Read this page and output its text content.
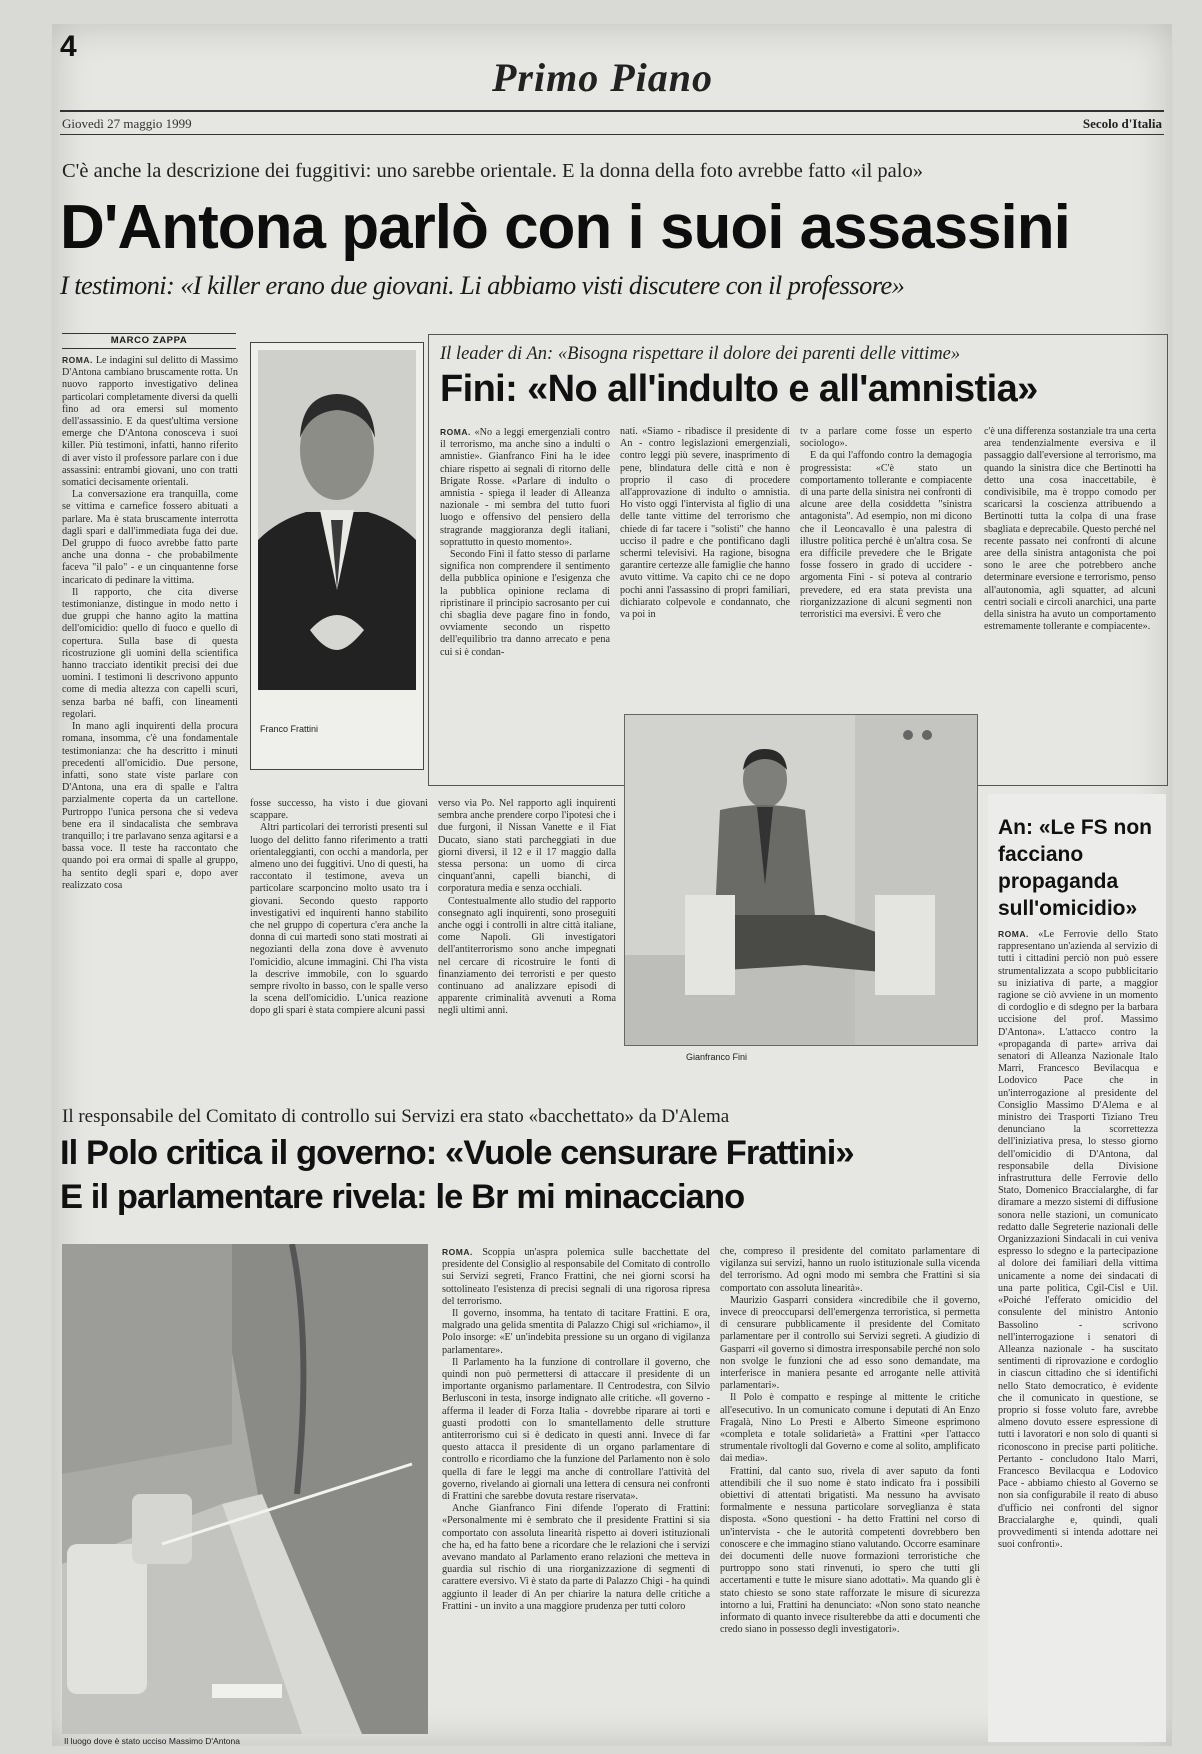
4
Primo Piano
Giovedì 27 maggio 1999	Secolo d'Italia
C'è anche la descrizione dei fuggitivi: uno sarebbe orientale. E la donna della foto avrebbe fatto «il palo»
D'Antona parlò con i suoi assassini
I testimoni: «I killer erano due giovani. Li abbiamo visti discutere con il professore»
MARCO ZAPPA

ROMA. Le indagini sul delitto di Massimo D'Antona cambiano bruscamente rotta. Un nuovo rapporto investigativo delinea particolari completamente diversi da quelli fino ad ora emersi sul momento dell'assassinio. E da quest'ultima versione emerge che D'Antona conosceva i suoi killer. Più testimoni, infatti, hanno riferito di aver visto il professore parlare con i due assassini: entrambi giovani, uno con tratti somatici decisamente orientali.

La conversazione era tranquilla, come se vittima e carnefice fossero abituati a parlare. Ma è stata bruscamente interrotta dagli spari e dall'immediata fuga dei due. Del gruppo di fuoco avrebbe fatto parte anche una donna - che probabilmente faceva "il palo" - e un cinquantenne forse incaricato di pedinare la vittima.

Il rapporto, che cita diverse testimonianze, distingue in modo netto i due gruppi che hanno agito la mattina dell'omicidio: quello di fuoco e quello di copertura. Sulla base di questa ricostruzione gli uomini della scientifica hanno tracciato identikit precisi dei due uomini. I testimoni li descrivono appunto come di media altezza con capelli scuri, senza barba né baffi, con lineamenti regolari.

In mano agli inquirenti della procura romana, insomma, c'è una fondamentale testimonianza: che ha descritto i minuti precedenti all'omicidio. Due persone, infatti, sono state viste parlare con D'Antona, una era di spalle e l'altra parzialmente coperta da un cartellone. Purtroppo l'unica persona che si vedeva bene era il sindacalista che sembrava tranquillo; i tre parlavano senza agitarsi e a bassa voce. Il teste ha raccontato che quando poi era ormai di spalle al gruppo, ha sentito degli spari e, dopo aver realizzato cosa

Franco Frattini

fosse successo, ha visto i due giovani scappare.

Altri particolari dei terroristi presenti sul luogo del delitto fanno riferimento a tratti orientaleggianti, con occhi a mandorla, per almeno uno dei fuggitivi. Uno di questi, ha raccontato il testimone, aveva un particolare scarponcino molto usato tra i giovani. Secondo questo rapporto investigativi ed inquirenti hanno stabilito che nel gruppo di copertura c'era anche la donna di cui martedì sono stati mostrati ai negozianti della zona dove è avvenuto l'omicidio, alcune immagini. Chi l'ha vista la descrive immobile, con lo sguardo sempre rivolto in basso, con le spalle verso la scena dell'omicidio. L'unica reazione dopo gli spari è stata compiere alcuni passi

verso via Po. Nel rapporto agli inquirenti sembra anche prendere corpo l'ipotesi che i due furgoni, il Nissan Vanette e il Fiat Ducato, siano stati parcheggiati in due giorni diversi, il 12 e il 17 maggio dalla stessa persona: un uomo di circa cinquant'anni, capelli bianchi, di corporatura media e senza occhiali.

Contestualmente allo studio del rapporto consegnato agli inquirenti, sono proseguiti anche oggi i controlli in altre città italiane, come Napoli. Gli investigatori dell'antiterrorismo sono anche impegnati nel cercare di ricostruire le fonti di finanziamento dei terroristi e per questo continuano ad analizzare episodi di apparente criminalità avvenuti a Roma negli ultimi anni.

Il leader di An: «Bisogna rispettare il dolore dei parenti delle vittime»
Fini: «No all'indulto e all'amnistia»

ROMA. «No a leggi emergenziali contro il terrorismo, ma anche sino a indulti o amnistie». Gianfranco Fini ha le idee chiare rispetto ai segnali di ritorno delle Brigate Rosse. «Parlare di indulto o amnistia - spiega il leader di Alleanza nazionale - mi sembra del tutto fuori luogo e offensivo del pensiero della stragrande maggioranza degli italiani, soprattutto in questo momento».

Secondo Fini il fatto stesso di parlarne significa non comprendere il sentimento della pubblica opinione e l'esigenza che la pubblica opinione reclama di ripristinare il principio sacrosanto per cui chi sbaglia deve pagare fino in fondo, ovviamente secondo un rispetto dell'equilibrio tra danno arrecato e pena cui si è condan-

nati. «Siamo - ribadisce il presidente di An - contro legislazioni emergenziali, contro leggi più severe, inasprimento di pene, blindatura delle città e non è proprio il caso di procedere all'approvazione di indulto o amnistia. Ho visto oggi l'intervista al figlio di una delle tante vittime del terrorismo che chiede di far tacere i "solisti" che hanno ucciso il padre e che pontificano dagli schermi televisivi. Ha ragione, bisogna garantire certezze alle famiglie che hanno avuto vittime. Va capito chi ce ne dopo pochi anni l'assassino di propri familiari, dichiarato colpevole e condannato, che va poi in

tv a parlare come fosse un esperto sociologo».

E da qui l'affondo contro la demagogia progressista: «C'è stato un comportamento tollerante e compiacente di una parte della sinistra nei confronti di alcune aree della cosiddetta "sinistra antagonista". Ad esempio, non mi dicono che il Leoncavallo è una palestra di illustre politica perché è un'altra cosa. Se era difficile prevedere che le Brigate fosse fossero in grado di uccidere - argomenta Fini - si poteva al contrario prevedere, ed era stata prevista una riorganizzazione di alcuni segmenti non terroristici ma eversivi. È vero che

c'è una differenza sostanziale tra una certa area tendenzialmente eversiva e il passaggio dall'eversione al terrorismo, ma quando la sinistra dice che Bertinotti ha detto una cosa inaccettabile, è condivisibile, ma è troppo comodo per scaricarsi la coscienza attribuendo a Bertinotti tutta la colpa di una frase sbagliata e deprecabile. Questo perché nel recente passato nei confronti di alcune aree della sinistra antagonista che poi sono le aree che potrebbero anche determinare eversione e terrorismo, penso all'autonomia, agli squatter, ad alcuni centri sociali e circoli anarchici, una parte della sinistra ha avuto un comportamento estremamente tollerante e compiacente».

Gianfranco Fini
An: «Le FS non facciano propaganda sull'omicidio»

ROMA. «Le Ferrovie dello Stato rappresentano un'azienda al servizio di tutti i cittadini perciò non può essere strumentalizzata a scopo pubblicitario su iniziativa di parte, a maggior ragione se ciò avviene in un momento di cordoglio e di sdegno per la barbara uccisione del prof. Massimo D'Antona». L'attacco contro la «propaganda di parte» arriva dai senatori di Alleanza Nazionale Italo Marri, Francesco Bevilacqua e Lodovico Pace che in un'interrogazione al presidente del Consiglio Massimo D'Alema e al ministro dei Trasporti Tiziano Treu denunciano la scorrettezza dell'iniziativa presa, lo stesso giorno dell'omicidio di D'Antona, dal responsabile della Divisione infrastruttura delle Ferrovie dello Stato, Domenico Braccialarghe, di far diramare a mezzo sistemi di diffusione sonora nelle stazioni, un comunicato redatto dalle Segreterie nazionali delle Organizzazioni Sindacali in cui veniva espresso lo sdegno e la partecipazione al dolore dei familiari della vittima unicamente a nome dei sindacati di una parte politica, Cgil-Cisl e Uil. «Poiché l'efferato omicidio del consulente del ministro Antonio Bassolino - scrivono nell'interrogazione i senatori di Alleanza nazionale - ha suscitato sentimenti di riprovazione e cordoglio in ciascun cittadino che si identifichi nello Stato democratico, è evidente che il comunicato in questione, se proprio si fosse voluto fare, avrebbe almeno dovuto essere espressione di tutti i lavoratori e non solo di quanti si riconoscono in precise parti politiche. Pertanto - concludono Italo Marri, Francesco Bevilacqua e Lodovico Pace - abbiamo chiesto al Governo se non sia configurabile il reato di abuso d'ufficio nei confronti del signor Braccialarghe e, quindi, quali provvedimenti si intenda adottare nei suoi confronti».

Il responsabile del Comitato di controllo sui Servizi era stato «bacchettato» da D'Alema
Il Polo critica il governo: «Vuole censurare Frattini»
E il parlamentare rivela: le Br mi minacciano
Il luogo dove è stato ucciso Massimo D'Antona

ROMA. Scoppia un'aspra polemica sulle bacchettate del presidente del Consiglio al responsabile del Comitato di controllo sui Servizi segreti, Franco Frattini, che nei giorni scorsi ha sottolineato l'esistenza di precisi segnali di una rigorosa ripresa del terrorismo.

Il governo, insomma, ha tentato di tacitare Frattini. E ora, malgrado una gelida smentita di Palazzo Chigi sul «richiamo», il Polo insorge: «E' un'indebita pressione su un organo di vigilanza parlamentare».

Il Parlamento ha la funzione di controllare il governo, che quindi non può permettersi di attaccare il presidente di un importante organismo parlamentare. Il Centrodestra, con Silvio Berlusconi in testa, insorge indignato alle critiche. «Il governo - afferma il leader di Forza Italia - dovrebbe riparare ai torti e guasti prodotti con lo smantellamento delle strutture antiterrorismo cui si è dedicato in questi anni. Invece di far questo attacca il presidente di un organo parlamentare di controllo e ricordiamo che la funzione del Parlamento non è solo quella di fare le leggi ma anche di controllare l'attività del governo, rivelando ai giornali una lettera di censura nei confronti di Frattini che sarebbe dovuta restare riservata».

Anche Gianfranco Fini difende l'operato di Frattini: «Personalmente mi è sembrato che il presidente Frattini si sia comportato con assoluta linearità rispetto ai doveri istituzionali che ha, ed ha fatto bene a ricordare che le relazioni che i servizi avevano mandato al Parlamento erano relazioni che metteva in guardia sul rischio di una riorganizzazione di segmenti di carattere eversivo. Vi è stato da parte di Palazzo Chigi - ha quindi aggiunto il leader di An per chiarire la natura delle critiche a Frattini - un invito a una maggiore prudenza per tutti coloro

che, compreso il presidente del comitato parlamentare di vigilanza sui servizi, hanno un ruolo istituzionale sulla vicenda del terrorismo. Ad ogni modo mi sembra che Frattini si sia comportato con assoluta linearità».

Maurizio Gasparri considera «incredibile che il governo, invece di preoccuparsi dell'emergenza terroristica, si permetta di censurare pubblicamente il presidente del Comitato parlamentare per il controllo sui Servizi segreti. A giudizio di Gasparri «il governo si dimostra irresponsabile perché non solo non svolge le funzioni che ad esso sono demandate, ma interferisce in maniera pesante ed arrogante nelle attività parlamentari».

Il Polo è compatto e respinge al mittente le critiche all'esecutivo. In un comunicato comune i deputati di An Enzo Fragalà, Nino Lo Presti e Alberto Simeone esprimono «completa e totale solidarietà» a Frattini «per l'attacco strumentale rivoltogli dal Governo e come al solito, amplificato dai media».

Frattini, dal canto suo, rivela di aver saputo da fonti attendibili che il suo nome è stato indicato fra i possibili obiettivi di attentati brigatisti. Ma nessuno ha avvisato formalmente e nessuna particolare sorveglianza è stata disposta. «Sono questioni - ha detto Frattini nel corso di un'intervista - che le autorità competenti dovrebbero ben conoscere e che immagino stiano valutando. Occorre esaminare dei documenti delle nuove formazioni terroristiche che purtroppo sono stati rinvenuti, io spero che tutti gli accertamenti e tutte le misure siano adottati». Ma quando gli è stato chiesto se sono state rafforzate le misure di sicurezza intorno a lui, Frattini ha denunciato: «Non sono stato neanche informato di quanto invece risulterebbe da atti e documenti che credo siano in possesso degli investigatori».
